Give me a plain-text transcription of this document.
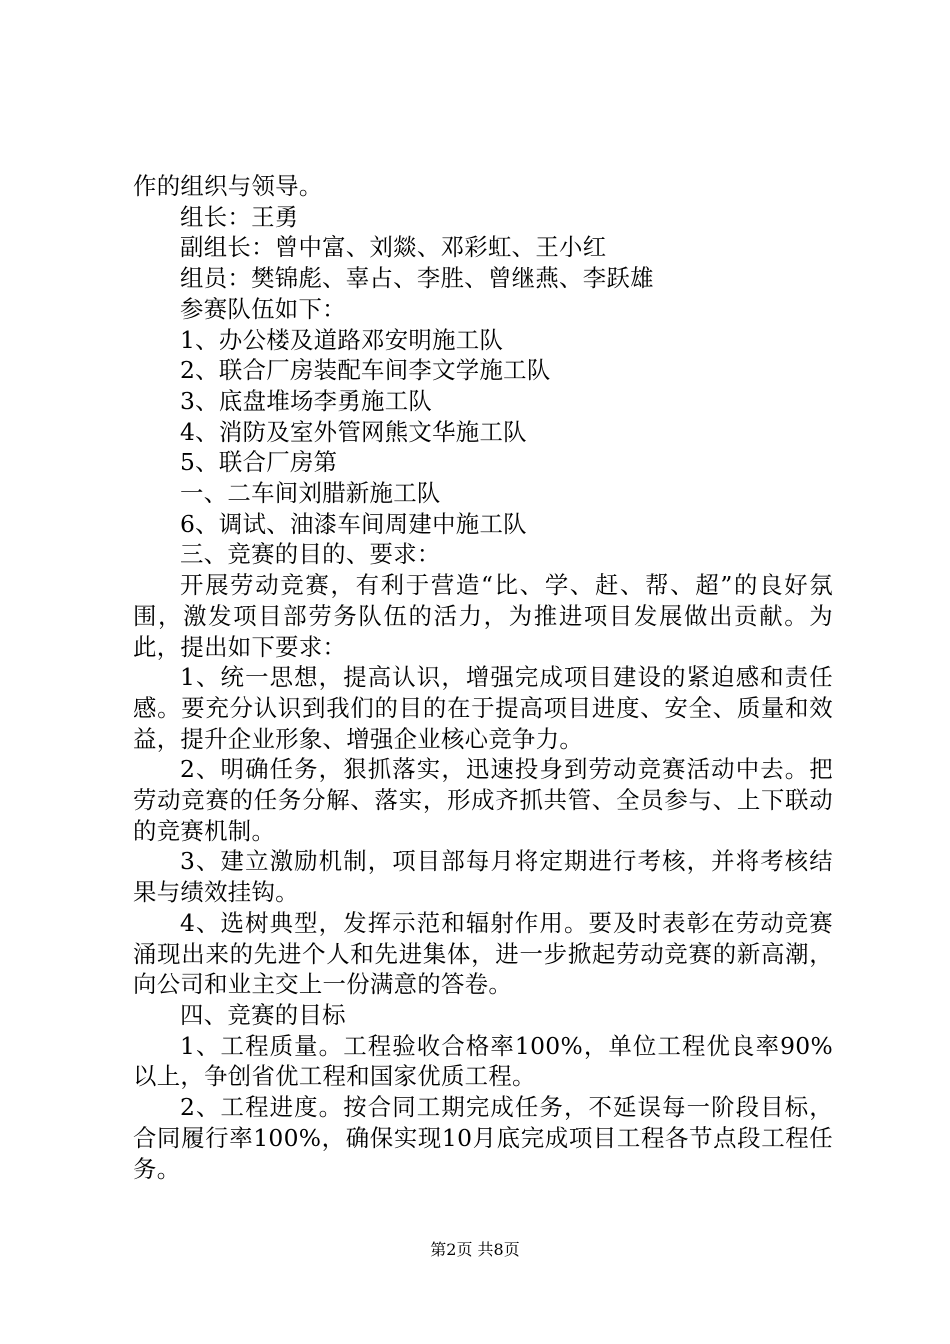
作的组织与领导。

组长：王勇

副组长：曾中富、刘燚、邓彩虹、王小红

组员：樊锦彪、辜占、李胜、曾继燕、李跃雄

参赛队伍如下：

1、办公楼及道路邓安明施工队

2、联合厂房装配车间李文学施工队

3、底盘堆场李勇施工队

4、消防及室外管网熊文华施工队

5、联合厂房第

一、二车间刘腊新施工队

6、调试、油漆车间周建中施工队

三、竞赛的目的、要求：

开展劳动竞赛，有利于营造“比、学、赶、帮、超”的良好氛围，激发项目部劳务队伍的活力，为推进项目发展做出贡献。为此，提出如下要求：

1、统一思想，提高认识，增强完成项目建设的紧迫感和责任感。要充分认识到我们的目的在于提高项目进度、安全、质量和效益，提升企业形象、增强企业核心竞争力。

2、明确任务，狠抓落实，迅速投身到劳动竞赛活动中去。把劳动竞赛的任务分解、落实，形成齐抓共管、全员参与、上下联动的竞赛机制。

3、建立激励机制，项目部每月将定期进行考核，并将考核结果与绩效挂钩。

4、选树典型，发挥示范和辐射作用。要及时表彰在劳动竞赛涌现出来的先进个人和先进集体，进一步掀起劳动竞赛的新高潮，向公司和业主交上一份满意的答卷。

四、竞赛的目标

1、工程质量。工程验收合格率100%，单位工程优良率90%以上，争创省优工程和国家优质工程。

2、工程进度。按合同工期完成任务，不延误每一阶段目标，合同履行率100%，确保实现10月底完成项目工程各节点段工程任务。

第2页 共8页
